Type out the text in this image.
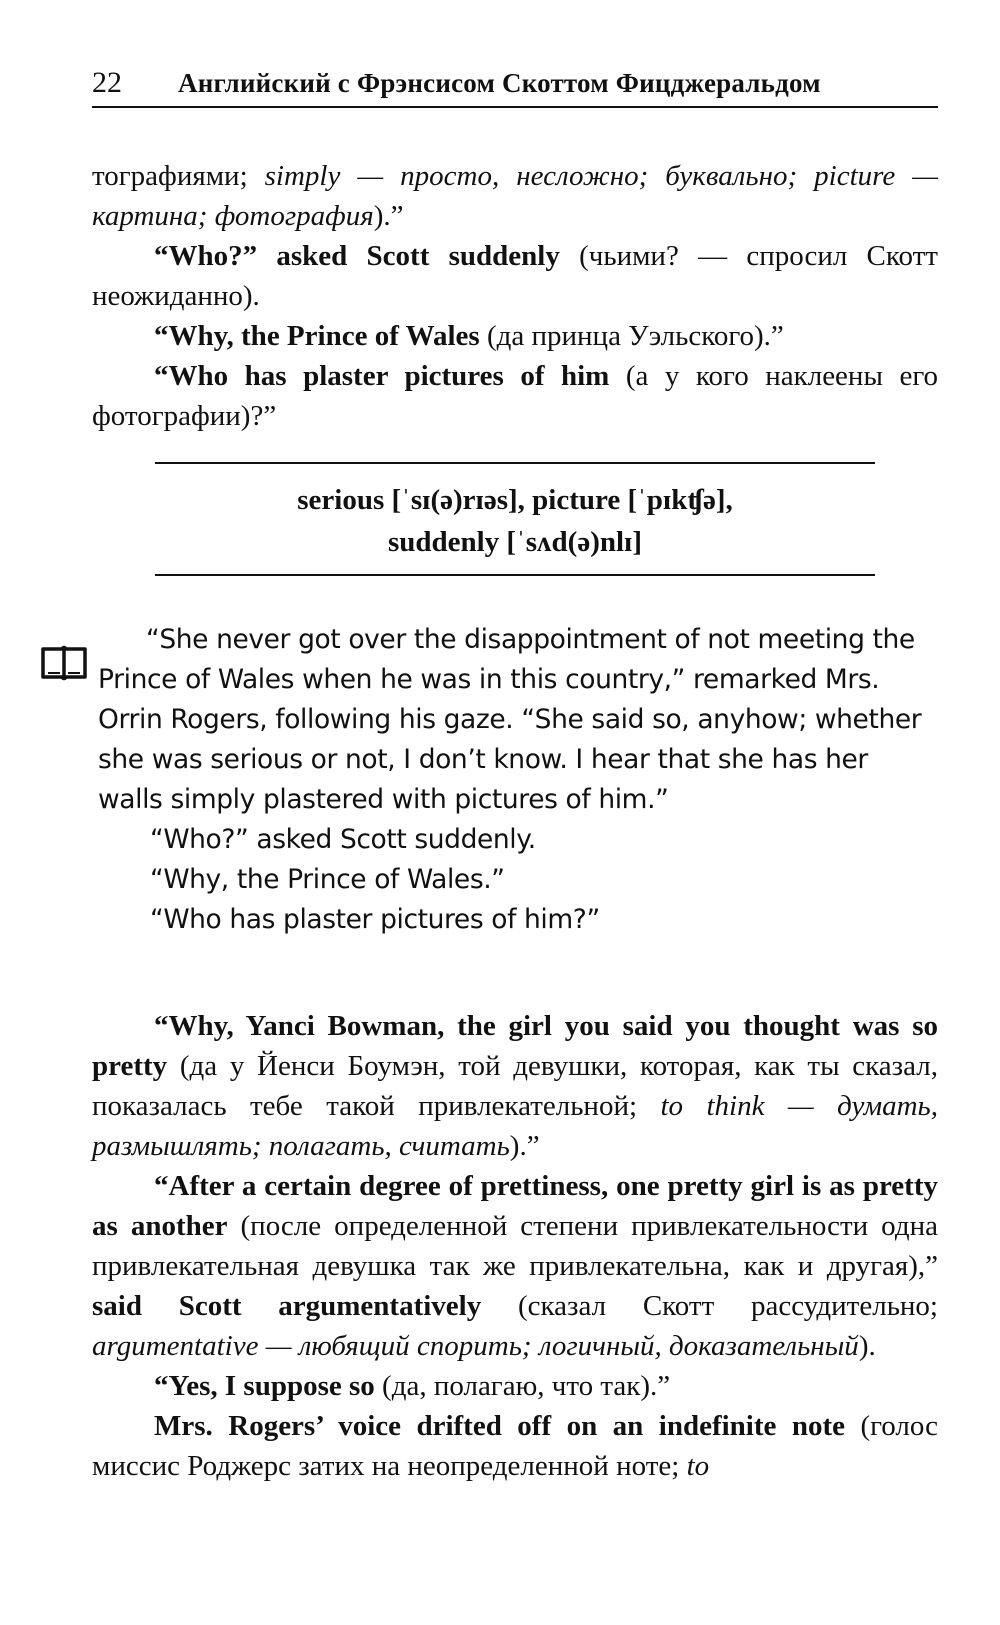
22 Английский с Фрэнсисом Скоттом Фицджеральдом

тографиями; simply — просто, несложно; буквально; picture — картина; фотография).”

“Who?” asked Scott suddenly (чьими? — спросил Скотт неожиданно).

“Why, the Prince of Wales (да принца Уэльского).”

“Who has plaster pictures of him (а у кого наклеены его фотографии)?”

serious [ˈsɪ(ə)rɪəs], picture [ˈpɪkʧə],
suddenly [ˈsʌd(ə)nlɪ]

“She never got over the disappointment of not meeting the Prince of Wales when he was in this country,” remarked Mrs. Orrin Rogers, following his gaze. “She said so, anyhow; whether she was serious or not, I don’t know. I hear that she has her walls simply plastered with pictures of him.”

“Who?” asked Scott suddenly.

“Why, the Prince of Wales.”

“Who has plaster pictures of him?”

“Why, Yanci Bowman, the girl you said you thought was so pretty (да у Йенси Боумэн, той девушки, которая, как ты сказал, показалась тебе такой привлекательной; to think — думать, размышлять; полагать, считать).”

“After a certain degree of prettiness, one pretty girl is as pretty as another (после определенной степени привлекательности одна привлекательная девушка так же привлекательна, как и другая),” said Scott argumentatively (сказал Скотт рассудительно; argumentative — любящий спорить; логичный, доказательный).

“Yes, I suppose so (да, полагаю, что так).”

Mrs. Rogers’ voice drifted off on an indefinite note (голос миссис Роджерс затих на неопределенной ноте; to
